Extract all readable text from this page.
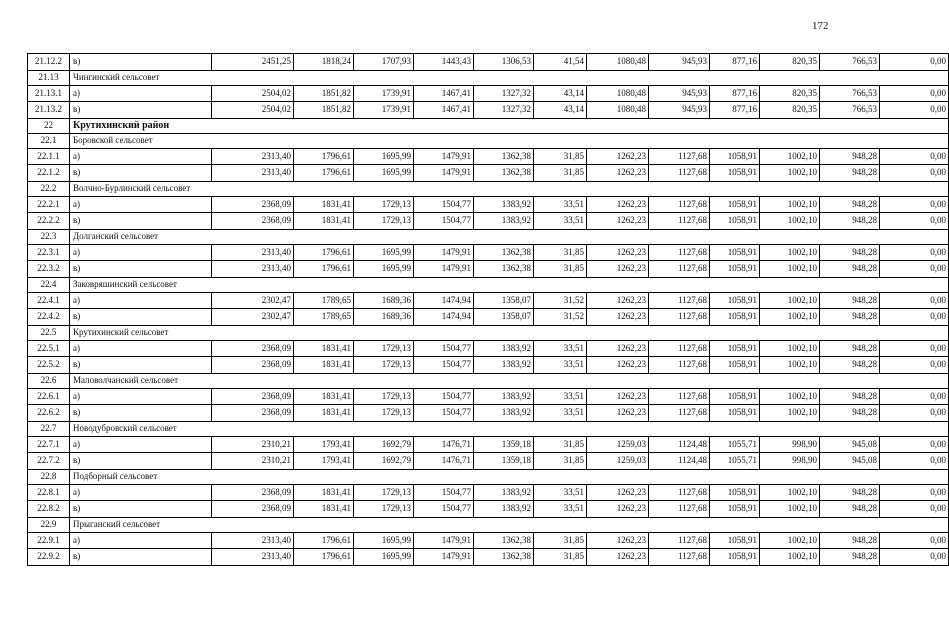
172
21.12.2	в)	2451,25	1818,24	1707,93	1443,43	1306,53	41,54	1080,48	945,93	877,16	820,35	766,53	0,00
21.13	Чингинский сельсовет												
21.13.1	а)	2504,02	1851,82	1739,91	1467,41	1327,32	43,14	1080,48	945,93	877,16	820,35	766,53	0,00
21.13.2	в)	2504,02	1851,82	1739,91	1467,41	1327,32	43,14	1080,48	945,93	877,16	820,35	766,53	0,00
22	Крутихинский район												
22.1	Боровской сельсовет												
22.1.1	а)	2313,40	1796,61	1695,99	1479,91	1362,38	31,85	1262,23	1127,68	1058,91	1002,10	948,28	0,00
22.1.2	в)	2313,40	1796,61	1695,99	1479,91	1362,38	31,85	1262,23	1127,68	1058,91	1002,10	948,28	0,00
22.2	Волчно-Бурлинский сельсовет												
22.2.1	а)	2368,09	1831,41	1729,13	1504,77	1383,92	33,51	1262,23	1127,68	1058,91	1002,10	948,28	0,00
22.2.2	в)	2368,09	1831,41	1729,13	1504,77	1383,92	33,51	1262,23	1127,68	1058,91	1002,10	948,28	0,00
22.3	Долганский сельсовет												
22.3.1	а)	2313,40	1796,61	1695,99	1479,91	1362,38	31,85	1262,23	1127,68	1058,91	1002,10	948,28	0,00
22.3.2	в)	2313,40	1796,61	1695,99	1479,91	1362,38	31,85	1262,23	1127,68	1058,91	1002,10	948,28	0,00
22.4	Заковряшинский сельсовет												
22.4.1	а)	2302,47	1789,65	1689,36	1474,94	1358,07	31,52	1262,23	1127,68	1058,91	1002,10	948,28	0,00
22.4.2	в)	2302,47	1789,65	1689,36	1474,94	1358,07	31,52	1262,23	1127,68	1058,91	1002,10	948,28	0,00
22.5	Крутихинский сельсовет												
22.5.1	а)	2368,09	1831,41	1729,13	1504,77	1383,92	33,51	1262,23	1127,68	1058,91	1002,10	948,28	0,00
22.5.2	в)	2368,09	1831,41	1729,13	1504,77	1383,92	33,51	1262,23	1127,68	1058,91	1002,10	948,28	0,00
22.6	Маловолчанский сельсовет												
22.6.1	а)	2368,09	1831,41	1729,13	1504,77	1383,92	33,51	1262,23	1127,68	1058,91	1002,10	948,28	0,00
22.6.2	в)	2368,09	1831,41	1729,13	1504,77	1383,92	33,51	1262,23	1127,68	1058,91	1002,10	948,28	0,00
22.7	Новодубровский сельсовет												
22.7.1	а)	2310,21	1793,41	1692,79	1476,71	1359,18	31,85	1259,03	1124,48	1055,71	998,90	945,08	0,00
22.7.2	в)	2310,21	1793,41	1692,79	1476,71	1359,18	31,85	1259,03	1124,48	1055,71	998,90	945,08	0,00
22.8	Подборный сельсовет												
22.8.1	а)	2368,09	1831,41	1729,13	1504,77	1383,92	33,51	1262,23	1127,68	1058,91	1002,10	948,28	0,00
22.8.2	в)	2368,09	1831,41	1729,13	1504,77	1383,92	33,51	1262,23	1127,68	1058,91	1002,10	948,28	0,00
22.9	Прыганский сельсовет												
22.9.1	а)	2313,40	1796,61	1695,99	1479,91	1362,38	31,85	1262,23	1127,68	1058,91	1002,10	948,28	0,00
22.9.2	в)	2313,40	1796,61	1695,99	1479,91	1362,38	31,85	1262,23	1127,68	1058,91	1002,10	948,28	0,00
